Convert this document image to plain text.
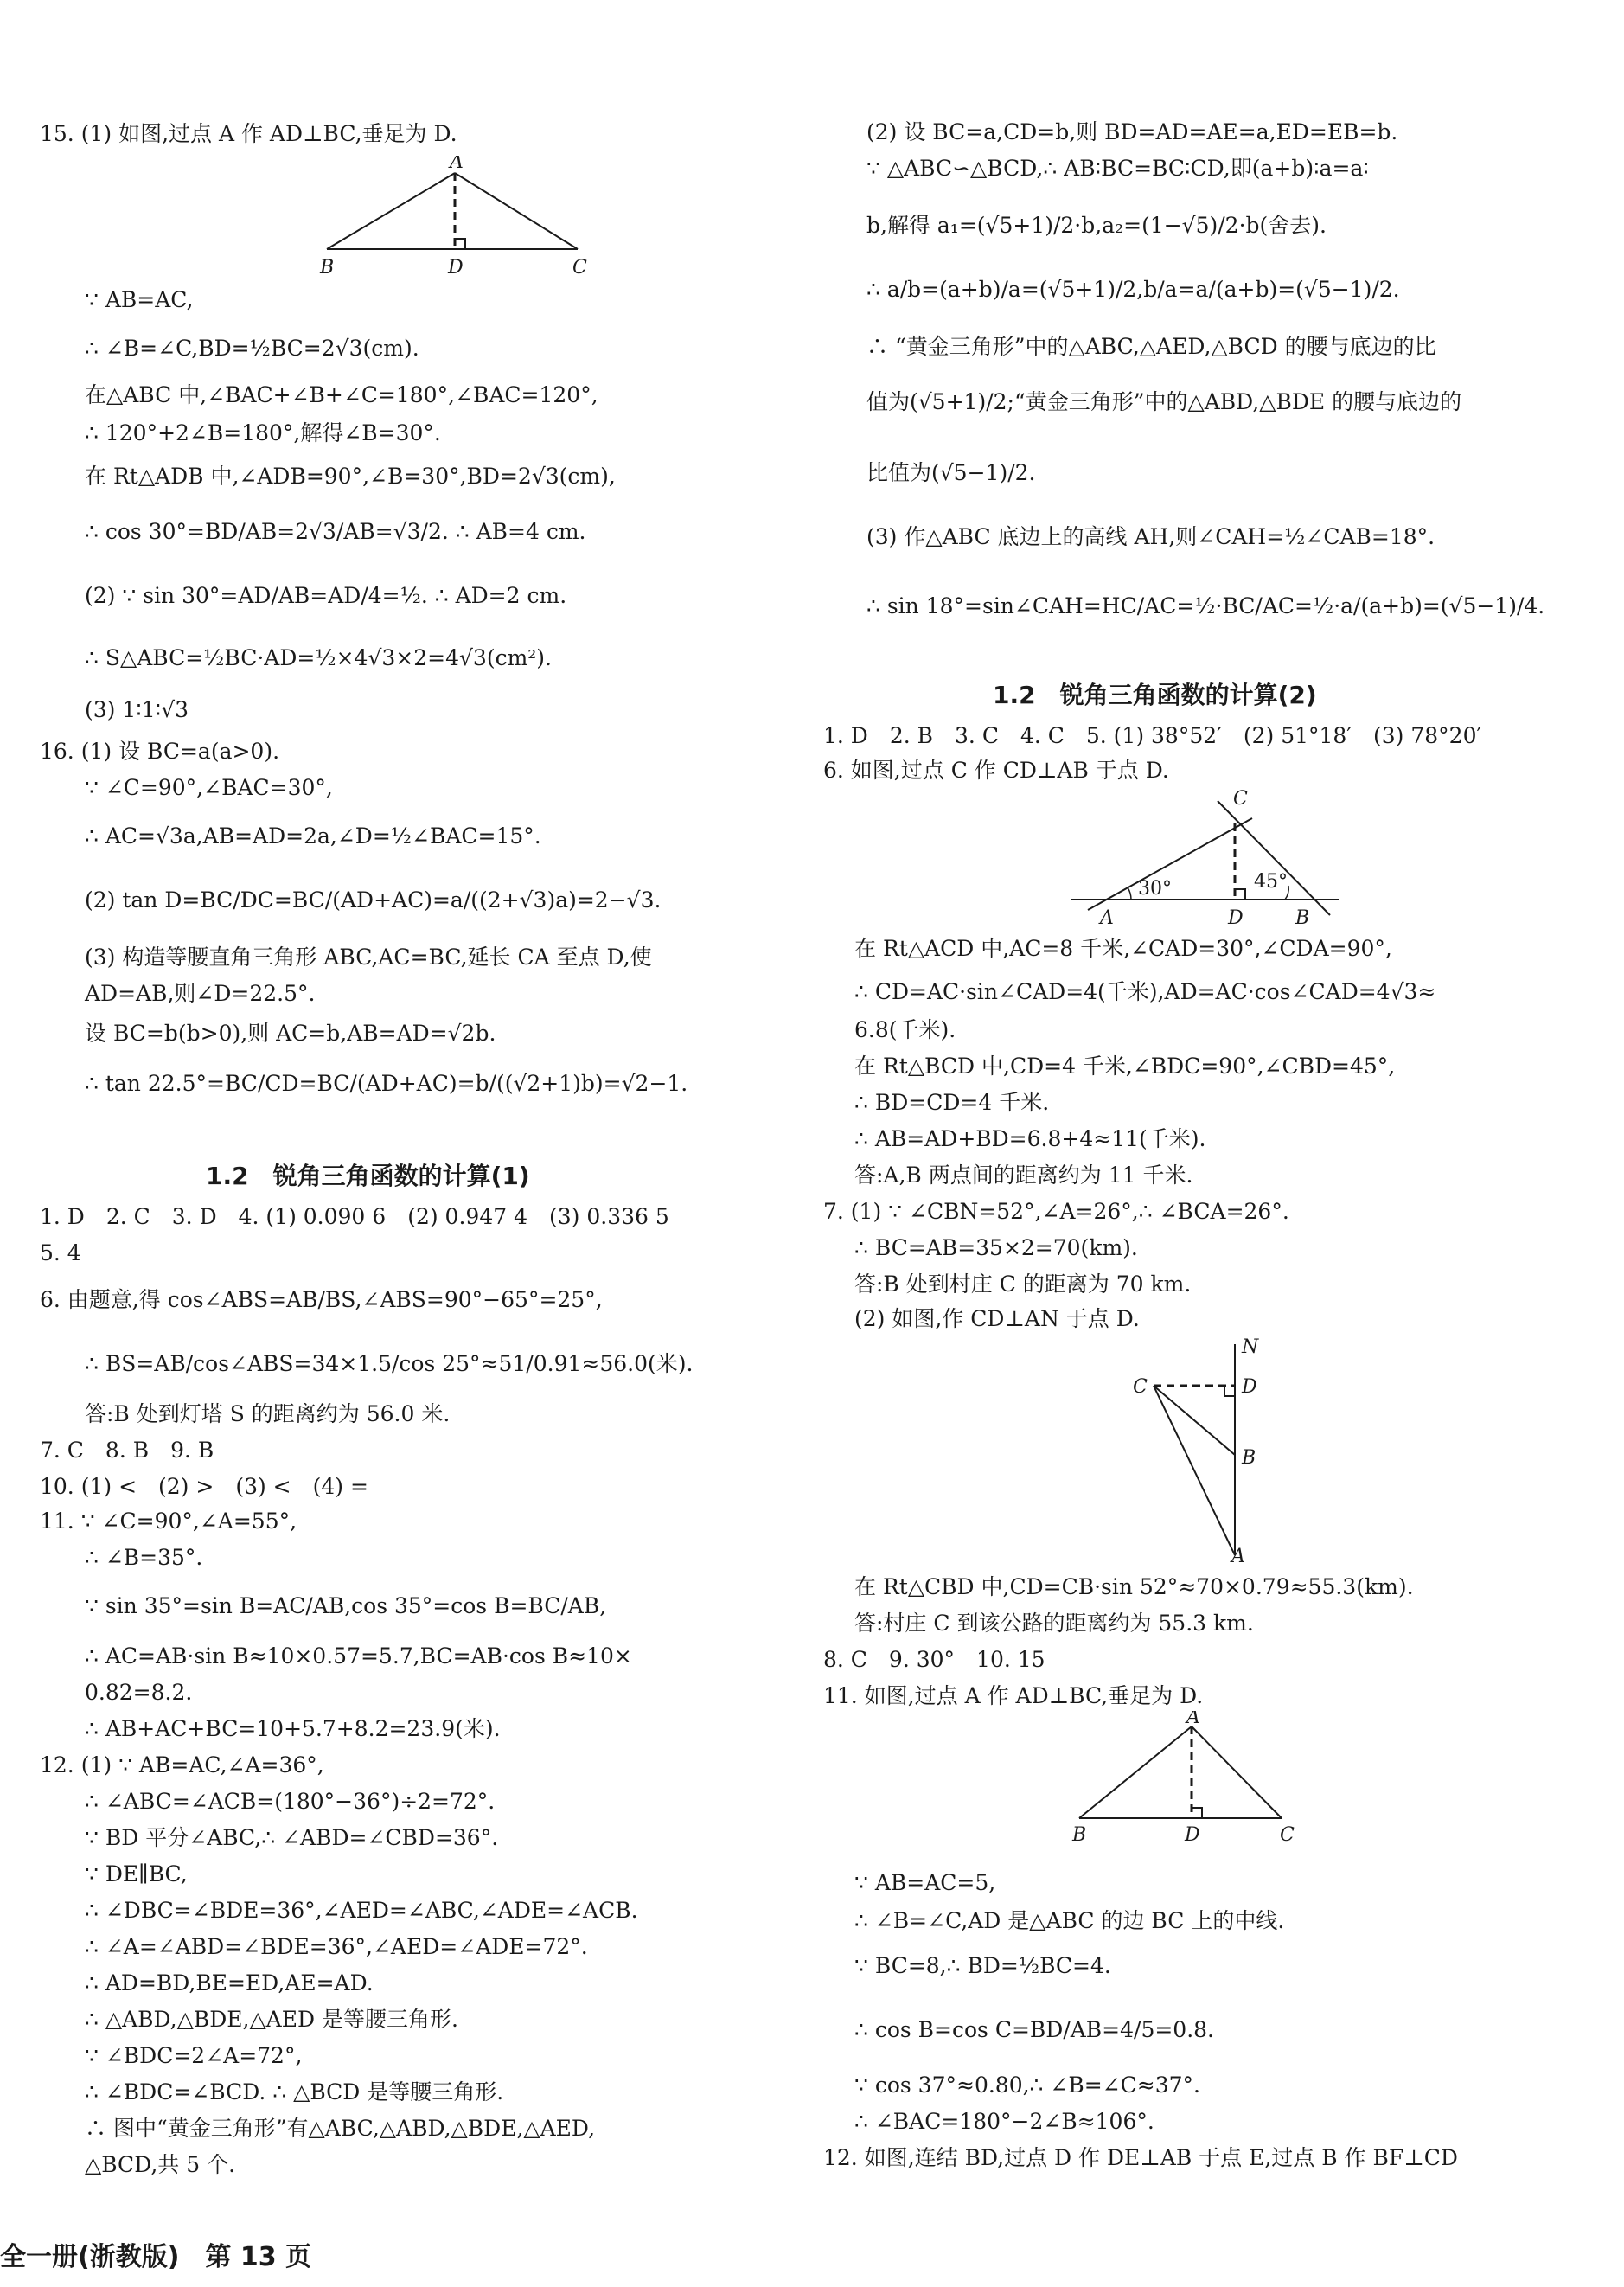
15. (1) 如图,过点 A 作 AD⊥BC,垂足为 D.
A
B	D	C
∵ AB=AC,
∴ ∠B=∠C,BD=½BC=2√3(cm).
在△ABC 中,∠BAC+∠B+∠C=180°,∠BAC=120°,
∴ 120°+2∠B=180°,解得∠B=30°.
在 Rt△ADB 中,∠ADB=90°,∠B=30°,BD=2√3(cm),
∴ cos 30°=BD/AB=2√3/AB=√3/2. ∴ AB=4 cm.
(2) ∵ sin 30°=AD/AB=AD/4=½. ∴ AD=2 cm.
∴ S△ABC=½BC·AD=½×4√3×2=4√3(cm²).
(3) 1∶1∶√3
16. (1) 设 BC=a(a>0).
∵ ∠C=90°,∠BAC=30°,
∴ AC=√3a,AB=AD=2a,∠D=½∠BAC=15°.
(2) tan D=BC/DC=BC/(AD+AC)=a/((2+√3)a)=2−√3.
(3) 构造等腰直角三角形 ABC,AC=BC,延长 CA 至点 D,使
AD=AB,则∠D=22.5°.
设 BC=b(b>0),则 AC=b,AB=AD=√2b.
∴ tan 22.5°=BC/CD=BC/(AD+AC)=b/((√2+1)b)=√2−1.
1.2　锐角三角函数的计算(1)
1. D　2. C　3. D　4. (1) 0.090 6　(2) 0.947 4　(3) 0.336 5
5. 4
6. 由题意,得 cos∠ABS=AB/BS,∠ABS=90°−65°=25°,
∴ BS=AB/cos∠ABS=34×1.5/cos 25°≈51/0.91≈56.0(米).
答:B 处到灯塔 S 的距离约为 56.0 米.
7. C　8. B　9. B
10. (1) <　(2) >　(3) <　(4) =
11. ∵ ∠C=90°,∠A=55°,
∴ ∠B=35°.
∵ sin 35°=sin B=AC/AB,cos 35°=cos B=BC/AB,
∴ AC=AB·sin B≈10×0.57=5.7,BC=AB·cos B≈10×
0.82=8.2.
∴ AB+AC+BC=10+5.7+8.2=23.9(米).
12. (1) ∵ AB=AC,∠A=36°,
∴ ∠ABC=∠ACB=(180°−36°)÷2=72°.
∵ BD 平分∠ABC,∴ ∠ABD=∠CBD=36°.
∵ DE∥BC,
∴ ∠DBC=∠BDE=36°,∠AED=∠ABC,∠ADE=∠ACB.
∴ ∠A=∠ABD=∠BDE=36°,∠AED=∠ADE=72°.
∴ AD=BD,BE=ED,AE=AD.
∴ △ABD,△BDE,△AED 是等腰三角形.
∵ ∠BDC=2∠A=72°,
∴ ∠BDC=∠BCD. ∴ △BCD 是等腰三角形.
∴ 图中“黄金三角形”有△ABC,△ABD,△BDE,△AED,
△BCD,共 5 个.
(2) 设 BC=a,CD=b,则 BD=AD=AE=a,ED=EB=b.
∵ △ABC∽△BCD,∴ AB∶BC=BC∶CD,即(a+b)∶a=a∶
b,解得 a₁=(√5+1)/2·b,a₂=(1−√5)/2·b(舍去).
∴ a/b=(a+b)/a=(√5+1)/2,b/a=a/(a+b)=(√5−1)/2.
∴ “黄金三角形”中的△ABC,△AED,△BCD 的腰与底边的比
值为(√5+1)/2;“黄金三角形”中的△ABD,△BDE 的腰与底边的
比值为(√5−1)/2.
(3) 作△ABC 底边上的高线 AH,则∠CAH=½∠CAB=18°.
∴ sin 18°=sin∠CAH=HC/AC=½·BC/AC=½·a/(a+b)=(√5−1)/4.
1.2　锐角三角函数的计算(2)
1. D　2. B　3. C　4. C　5. (1) 38°52′　(2) 51°18′　(3) 78°20′
6. 如图,过点 C 作 CD⊥AB 于点 D.
C
30°	45°
A	D	B
在 Rt△ACD 中,AC=8 千米,∠CAD=30°,∠CDA=90°,
∴ CD=AC·sin∠CAD=4(千米),AD=AC·cos∠CAD=4√3≈
6.8(千米).
在 Rt△BCD 中,CD=4 千米,∠BDC=90°,∠CBD=45°,
∴ BD=CD=4 千米.
∴ AB=AD+BD=6.8+4≈11(千米).
答:A,B 两点间的距离约为 11 千米.
7. (1) ∵ ∠CBN=52°,∠A=26°,∴ ∠BCA=26°.
∴ BC=AB=35×2=70(km).
答:B 处到村庄 C 的距离为 70 km.
(2) 如图,作 CD⊥AN 于点 D.
N
C	D
B
A
在 Rt△CBD 中,CD=CB·sin 52°≈70×0.79≈55.3(km).
答:村庄 C 到该公路的距离约为 55.3 km.
8. C　9. 30°　10. 15
11. 如图,过点 A 作 AD⊥BC,垂足为 D.
A
B	D	C
∵ AB=AC=5,
∴ ∠B=∠C,AD 是△ABC 的边 BC 上的中线.
∵ BC=8,∴ BD=½BC=4.
∴ cos B=cos C=BD/AB=4/5=0.8.
∵ cos 37°≈0.80,∴ ∠B=∠C≈37°.
∴ ∠BAC=180°−2∠B≈106°.
12. 如图,连结 BD,过点 D 作 DE⊥AB 于点 E,过点 B 作 BF⊥CD
全一册(浙教版)　第 13 页
